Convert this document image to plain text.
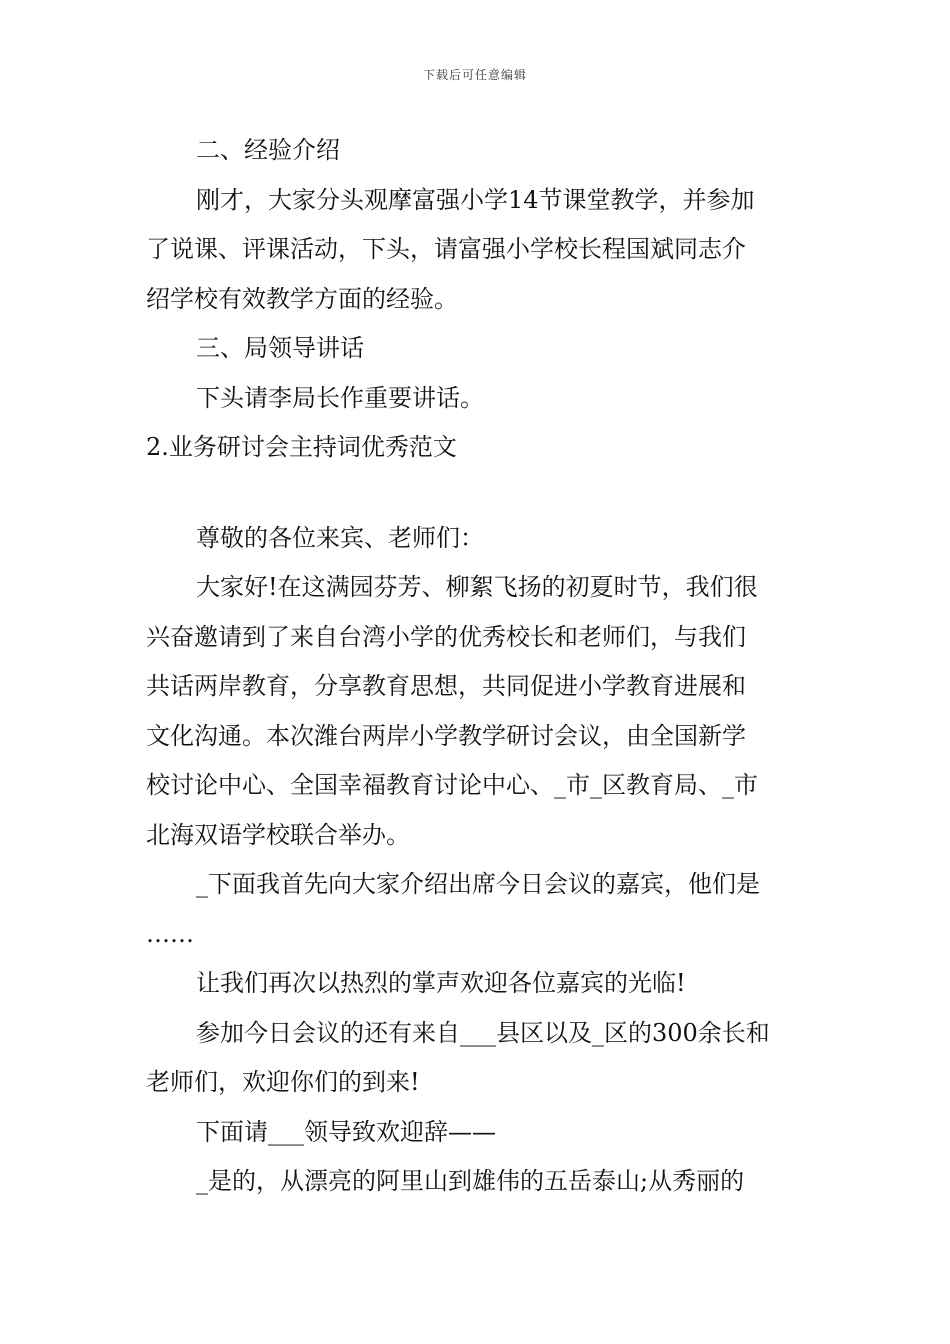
下载后可任意编辑
二、经验介绍
刚才，大家分头观摩富强小学14节课堂教学，并参加
了说课、评课活动，下头，请富强小学校长程国斌同志介
绍学校有效教学方面的经验。
三、局领导讲话
下头请李局长作重要讲话。
2.业务研讨会主持词优秀范文
尊敬的各位来宾、老师们：
大家好!在这满园芬芳、柳絮飞扬的初夏时节，我们很
兴奋邀请到了来自台湾小学的优秀校长和老师们，与我们
共话两岸教育，分享教育思想，共同促进小学教育进展和
文化沟通。本次潍台两岸小学教学研讨会议，由全国新学
校讨论中心、全国幸福教育讨论中心、_市_区教育局、_市
北海双语学校联合举办。
_下面我首先向大家介绍出席今日会议的嘉宾，他们是
……
让我们再次以热烈的掌声欢迎各位嘉宾的光临!
参加今日会议的还有来自___县区以及_区的300余长和
老师们，欢迎你们的到来!
下面请___领导致欢迎辞——
_是的，从漂亮的阿里山到雄伟的五岳泰山;从秀丽的
